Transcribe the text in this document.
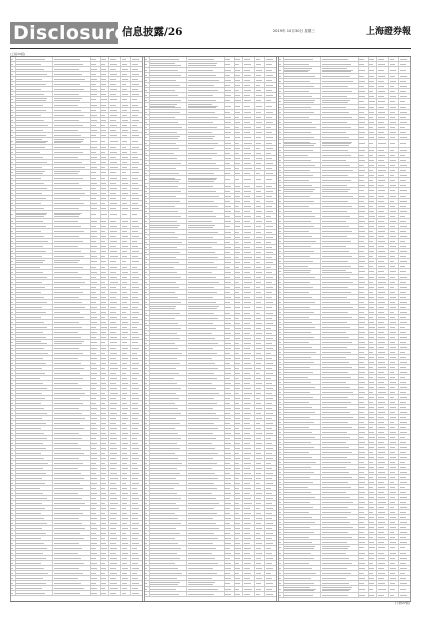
Disclosure
信息披露/26	2019年 10月30日 星期三	上海證券報
(上接25版)
(下转27版)
